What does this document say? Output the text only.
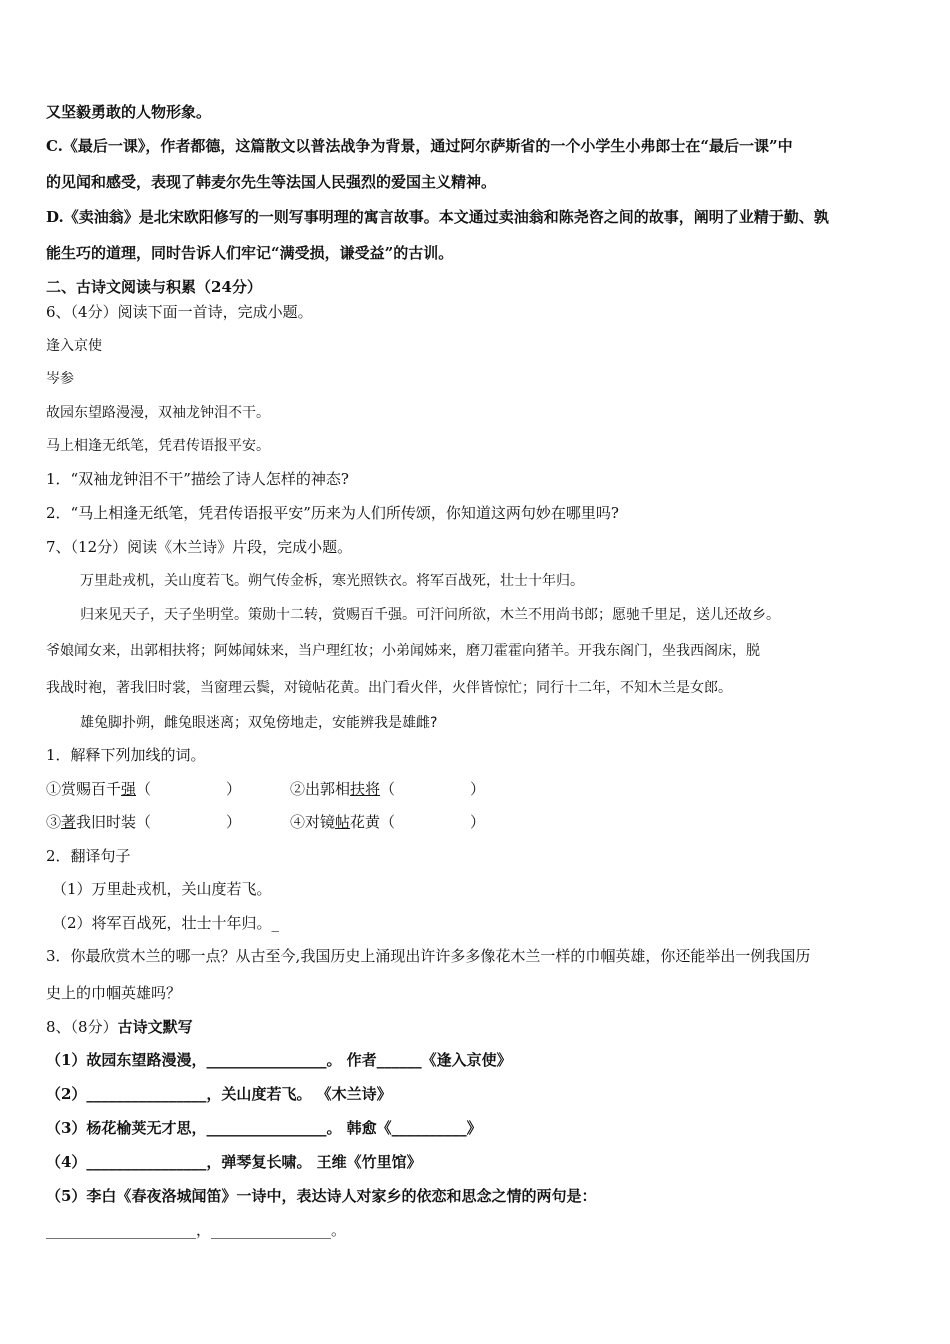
又坚毅勇敢的人物形象。
C.《最后一课》，作者都德，这篇散文以普法战争为背景，通过阿尔萨斯省的一个小学生小弗郎士在“最后一课”中
的见闻和感受，表现了韩麦尔先生等法国人民强烈的爱国主义精神。
D.《卖油翁》是北宋欧阳修写的一则写事明理的寓言故事。本文通过卖油翁和陈尧咨之间的故事，阐明了业精于勤、孰
能生巧的道理，同时告诉人们牢记“满受损，谦受益”的古训。
二、古诗文阅读与积累（24分）
6、（4分）阅读下面一首诗，完成小题。
逢入京使
岑参
故园东望路漫漫，双袖龙钟泪不干。
马上相逢无纸笔，凭君传语报平安。
1．“双袖龙钟泪不干”描绘了诗人怎样的神态?
2．“马上相逢无纸笔，凭君传语报平安”历来为人们所传颂，你知道这两句妙在哪里吗?
7、（12分）阅读《木兰诗》片段，完成小题。
万里赴戎机，关山度若飞。朔气传金柝，寒光照铁衣。将军百战死，壮士十年归。
归来见天子，天子坐明堂。策勋十二转，赏赐百千强。可汗问所欲，木兰不用尚书郎；愿驰千里足，送儿还故乡。
爷娘闻女来，出郭相扶将；阿姊闻妹来，当户理红妆；小弟闻姊来，磨刀霍霍向猪羊。开我东阁门，坐我西阁床，脱
我战时袍，著我旧时裳，当窗理云鬓，对镜帖花黄。出门看火伴，火伴皆惊忙；同行十二年，不知木兰是女郎。
雄兔脚扑朔，雌兔眼迷离；双兔傍地走，安能辨我是雄雌?
1．解释下列加线的词。
①赏赐百千强（　　　　　）	②出郭相扶将（　　　　　）
③著我旧时装（　　　　　）	④对镜帖花黄（　　　　　）
2．翻译句子
（1）万里赴戎机，关山度若飞。
（2）将军百战死，壮士十年归。_
3．你最欣赏木兰的哪一点？从古至今,我国历史上涌现出许许多多像花木兰一样的巾帼英雄，你还能举出一例我国历
史上的巾帼英雄吗？
8、（8分）古诗文默写
（1）故园东望路漫漫，________________。 作者______《逢入京使》
（2）________________，关山度若飞。 《木兰诗》
（3）杨花榆荚无才思，________________。 韩愈《__________》
（4）________________，弹琴复长啸。 王维《竹里馆》
（5）李白《春夜洛城闻笛》一诗中，表达诗人对家乡的依恋和思念之情的两句是：
____________________，________________。
